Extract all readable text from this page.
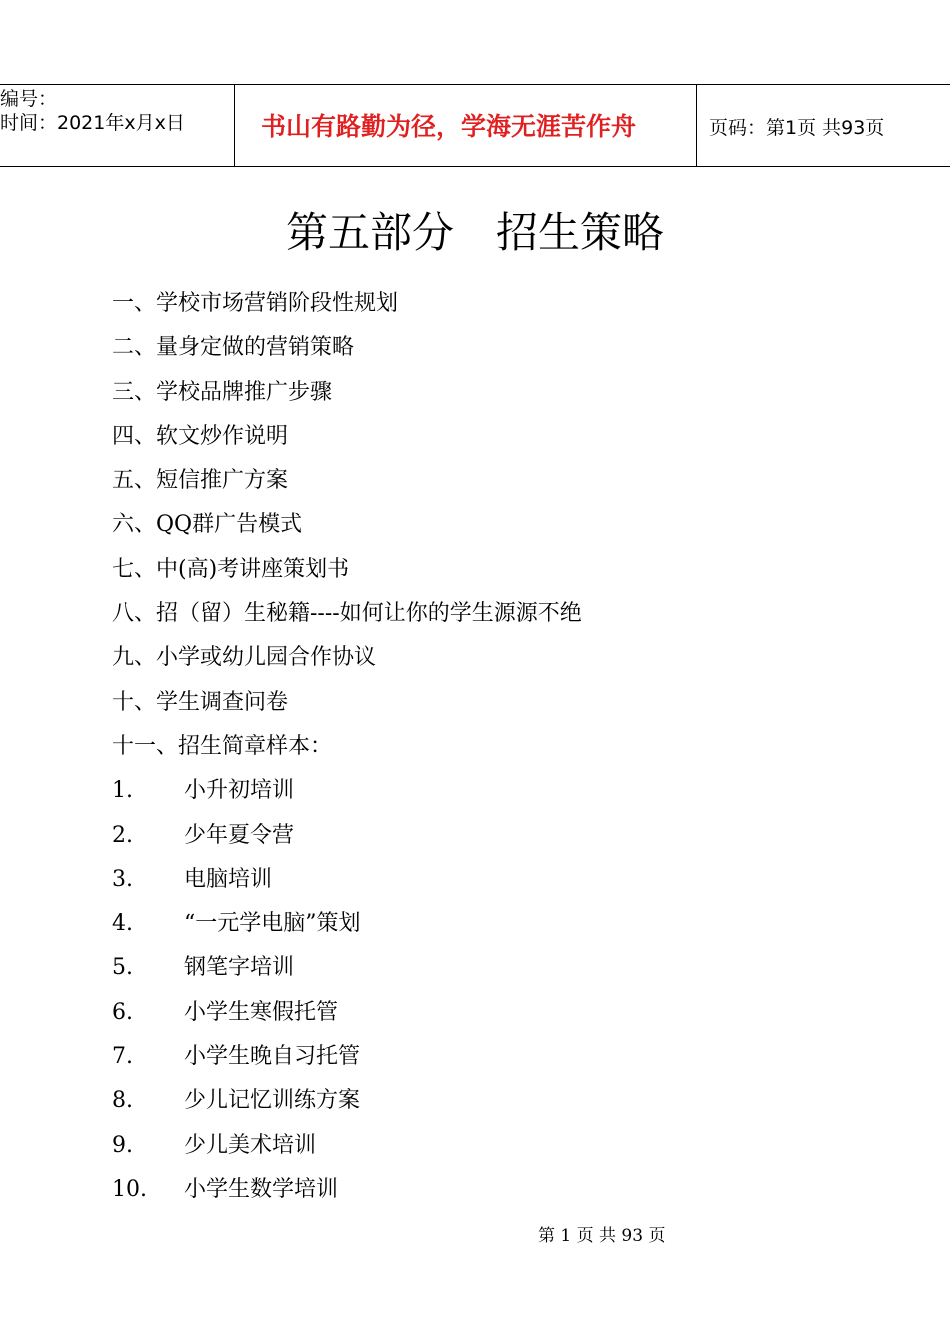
编号：
时间：2021年x月x日	书山有路勤为径，学海无涯苦作舟	页码：第1页 共93页
第五部分　招生策略
一、学校市场营销阶段性规划
二、量身定做的营销策略
三、学校品牌推广步骤
四、软文炒作说明
五、短信推广方案
六、QQ群广告模式
七、中(高)考讲座策划书
八、招（留）生秘籍----如何让你的学生源源不绝
九、小学或幼儿园合作协议
十、学生调查问卷
十一、招生简章样本：
1. 小升初培训
2. 少年夏令营
3. 电脑培训
4. “一元学电脑”策划
5. 钢笔字培训
6. 小学生寒假托管
7. 小学生晚自习托管
8. 少儿记忆训练方案
9. 少儿美术培训
10. 小学生数学培训
第 1 页 共 93 页
